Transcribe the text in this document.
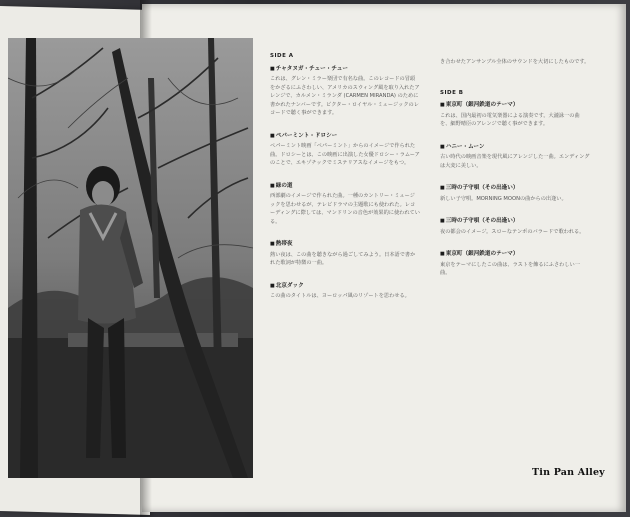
SIDE A
■ チャタヌガ・チュー・チュー
これは、グレン・ミラー楽団で有名な曲。このレコードの冒頭をかざるにふさわしい、アメリカのスウィング風を取り入れたアレンジで、カルメン・ミランダ (CARMEN MIRANDA) のために書かれたナンバーです。ビクター・ロイヤル・ミュージックのレコードで聴く事ができます。
■ ペパーミント・ドロシー
ペパーミント映画「ペパーミント」からのイメージで作られた曲。ドロシーとは、この映画に出演した女優ドロシー・ラムーアのことで、エキゾチックでミステリアスなイメージをもつ。
■ 緑の道
西部劇のイメージで作られた曲。一種のカントリー・ミュージックを思わせるが、テレビドラマの主題歌にも使われた。レコーディングに際しては、マンドリンの音色が効果的に使われている。
■ 熱帯夜
熱い夜は、この曲を聴きながら過ごしてみよう。日本語で書かれた歌詞が特徴の一曲。
■ 北京ダック
この曲のタイトルは、ヨーロッパ風のリゾートを思わせる。
き合わせたアンサンブル全体のサウンドを大切にしたものです。
SIDE B
■ 東京町（銀河鉄道のテーマ）
これは、国内最初の電気楽器による演奏です。大瀧詠一の曲を、細野晴臣のアレンジで聴く事ができます。
■ ハニー・ムーン
古い時代の映画音楽を現代風にアレンジした一曲。エンディングは大変に美しい。
■ 三時の子守唄（その出逢い）
新しい子守唄。MORNING MOONの曲からの出逢い。
■ 三時の子守唄（その出逢い）
夜の都会のイメージ。スローなテンポのバラードで歌われる。
■ 東京町（銀河鉄道のテーマ）
東京をテーマにしたこの曲は、ラストを飾るにふさわしい一曲。
Tin Pan Alley
